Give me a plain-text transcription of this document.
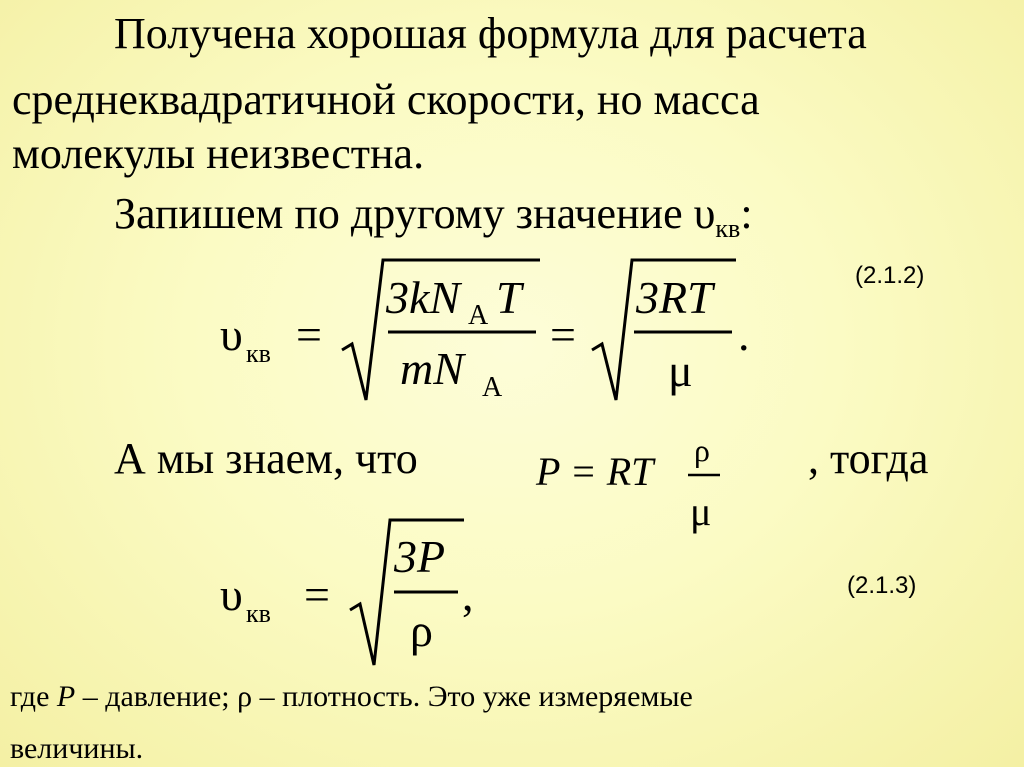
Получена хорошая формула для расчета
среднеквадратичной скорости, но масса
молекулы неизвестна.
Запишем по другому значение $\upsilon_{кв}$:
(2.1.2)
υ кв =
3kN A T
mN A
=
3RT
μ
.
А мы знаем, что	P = RT ρ
μ
, тогда
(2.1.3)
υ кв =
3P
ρ
,
где P – давление; ρ – плотность. Это уже измеряемые
величины.
